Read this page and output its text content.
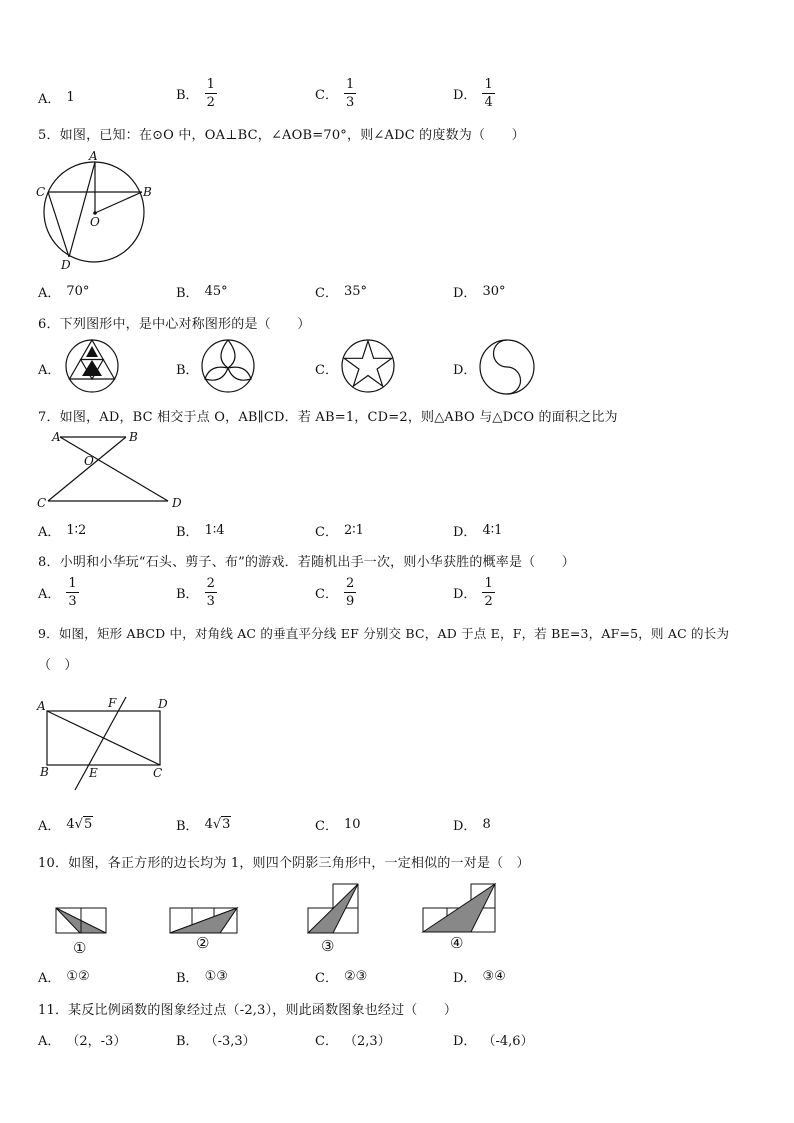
A． 1	B． $\frac{1}{2}$	C． $\frac{1}{3}$	D． $\frac{1}{4}$
5．如图，已知：在⊙O 中，OA⊥BC，∠AOB=70°，则∠ADC 的度数为（　　）
A
C	B
O
D
A． 70°	B． 45°	C． 35°	D． 30°
6．下列图形中，是中心对称图形的是（　　）
A．	B．	C．	D．
7．如图，AD，BC 相交于点 O，AB∥CD．若 AB=1，CD=2，则△ABO 与△DCO 的面积之比为
A	B
O
C	D
A． 1∶2	B． 1∶4	C． 2∶1	D． 4∶1
8．小明和小华玩“石头、剪子、布”的游戏．若随机出手一次，则小华获胜的概率是（　　）
A． $\frac{1}{3}$	B． $\frac{2}{3}$	C． $\frac{2}{9}$	D． $\frac{1}{2}$
9．如图，矩形 ABCD 中，对角线 AC 的垂直平分线 EF 分别交 BC，AD 于点 E，F，若 BE=3，AF=5，则 AC 的长为
（　）
A	F	D
B	E	C
A． 4√5	B． 4√3	C． 10	D． 8
10．如图，各正方形的边长均为 1，则四个阴影三角形中，一定相似的一对是（　）
①	②	③	④
A． ①②	B． ①③	C． ②③	D． ③④
11．某反比例函数的图象经过点（-2,3），则此函数图象也经过（　　）
A． （2，-3）	B． （-3,3）	C． （2,3）	D． （-4,6）
